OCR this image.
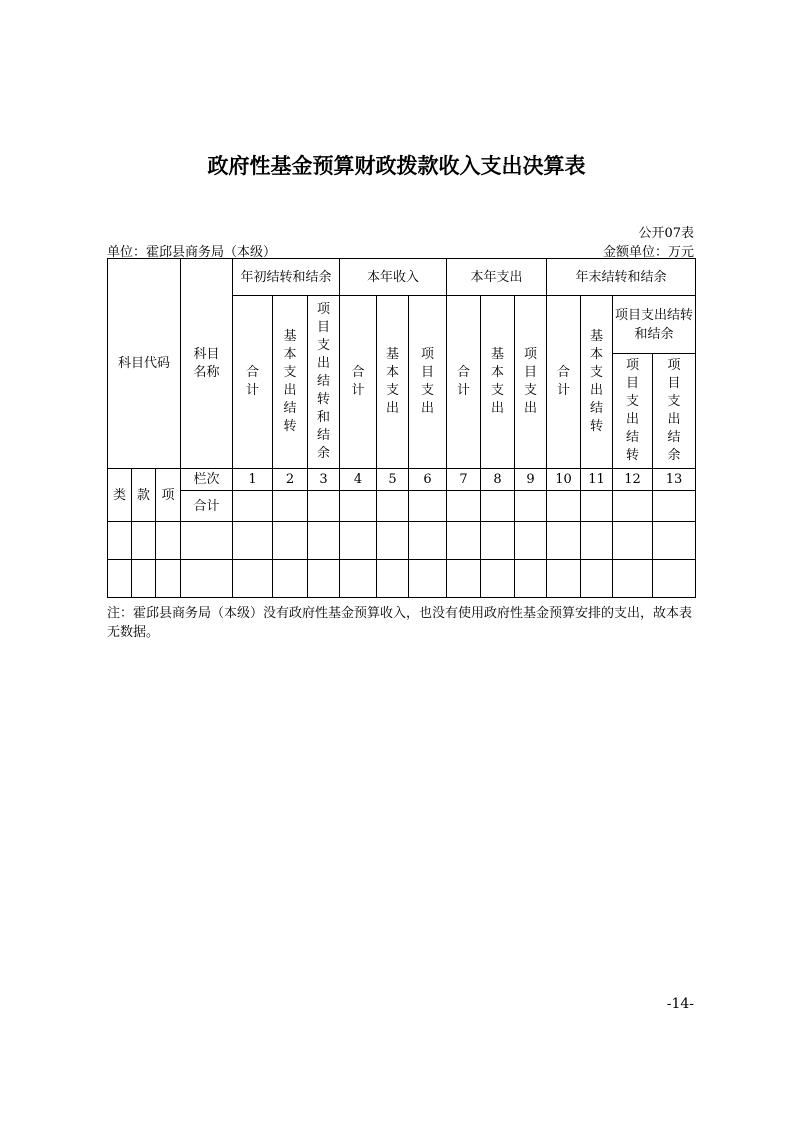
政府性基金预算财政拨款收入支出决算表
公开07表
单位：霍邱县商务局（本级）	金额单位：万元
科目代码			科目名称	年初结转和结余			本年收入			本年支出			年末结转和结余			
				合计	基本支出结转	项目支出结转和结余	合计	基本支出	项目支出	合计	基本支出	项目支出	合计	基本支出结转	项目支出结转和结余	
															项目支出结转	项目支出结余
类	款	项	栏次	1	2	3	4	5	6	7	8	9	10	11	12	13
			合计													

注：霍邱县商务局（本级）没有政府性基金预算收入，也没有使用政府性基金预算安排的支出，故本表无数据。
-14-
